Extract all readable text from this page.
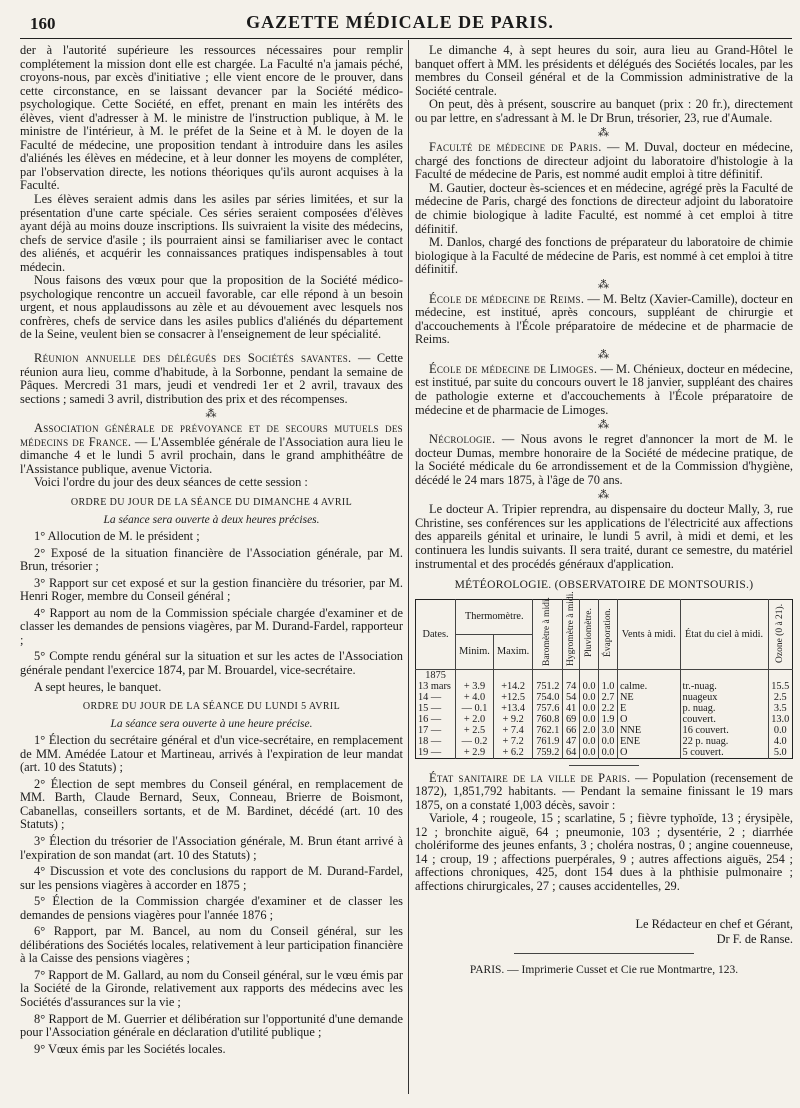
160	GAZETTE MÉDICALE DE PARIS.

der à l'autorité supérieure les ressources nécessaires pour remplir complétement la mission dont elle est chargée. La Faculté n'a jamais péché, croyons-nous, par excès d'initiative ; elle vient encore de le prouver, dans cette circonstance, en se laissant devancer par la Société médico-psychologique. Cette Société, en effet, prenant en main les intérêts des élèves, vient d'adresser à M. le ministre de l'instruction publique, à M. le ministre de l'intérieur, à M. le préfet de la Seine et à M. le doyen de la Faculté de médecine, une proposition tendant à introduire dans les asiles d'aliénés les élèves en médecine, et à leur donner les moyens de compléter, par l'observation directe, les notions théoriques qu'ils auront acquises à la Faculté.

Les élèves seraient admis dans les asiles par séries limitées, et sur la présentation d'une carte spéciale. Ces séries seraient composées d'élèves ayant déjà au moins douze inscriptions. Ils suivraient la visite des médecins, chefs de service d'asile ; ils pourraient ainsi se familiariser avec le contact des aliénés, et acquérir les connaissances pratiques indispensables à tout médecin.

Nous faisons des vœux pour que la proposition de la Société médico-psychologique rencontre un accueil favorable, car elle répond à un besoin urgent, et nous applaudissons au zèle et au dévouement avec lesquels nos confrères, chefs de service dans les asiles publics d'aliénés du département de la Seine, veulent bien se consacrer à l'enseignement de leur spécialité.

Réunion annuelle des délégués des Sociétés savantes. — Cette réunion aura lieu, comme d'habitude, à la Sorbonne, pendant la semaine de Pâques. Mercredi 31 mars, jeudi et vendredi 1er et 2 avril, travaux des sections ; samedi 3 avril, distribution des prix et des récompenses.

⁂

Association générale de prévoyance et de secours mutuels des médecins de France. — L'Assemblée générale de l'Association aura lieu le dimanche 4 et le lundi 5 avril prochain, dans le grand amphithéâtre de l'Assistance publique, avenue Victoria.

Voici l'ordre du jour des deux séances de cette session :

ORDRE DU JOUR DE LA SÉANCE DU DIMANCHE 4 AVRIL
La séance sera ouverte à deux heures précises.

1° Allocution de M. le président ;

2° Exposé de la situation financière de l'Association générale, par M. Brun, trésorier ;

3° Rapport sur cet exposé et sur la gestion financière du trésorier, par M. Henri Roger, membre du Conseil général ;

4° Rapport au nom de la Commission spéciale chargée d'examiner et de classer les demandes de pensions viagères, par M. Durand-Fardel, rapporteur ;

5° Compte rendu général sur la situation et sur les actes de l'Association générale pendant l'exercice 1874, par M. Brouardel, vice-secrétaire.

A sept heures, le banquet.

ORDRE DU JOUR DE LA SÉANCE DU LUNDI 5 AVRIL
La séance sera ouverte à une heure précise.

1° Élection du secrétaire général et d'un vice-secrétaire, en remplacement de MM. Amédée Latour et Martineau, arrivés à l'expiration de leur mandat (art. 10 des Statuts) ;

2° Élection de sept membres du Conseil général, en remplacement de MM. Barth, Claude Bernard, Seux, Conneau, Brierre de Boismont, Cabanellas, conseillers sortants, et de M. Bardinet, décédé (art. 10 des Statuts) ;

3° Élection du trésorier de l'Association générale, M. Brun étant arrivé à l'expiration de son mandat (art. 10 des Statuts) ;

4° Discussion et vote des conclusions du rapport de M. Durand-Fardel, sur les pensions viagères à accorder en 1875 ;

5° Élection de la Commission chargée d'examiner et de classer les demandes de pensions viagères pour l'année 1876 ;

6° Rapport, par M. Bancel, au nom du Conseil général, sur les délibérations des Sociétés locales, relativement à leur participation financière à la Caisse des pensions viagères ;

7° Rapport de M. Gallard, au nom du Conseil général, sur le vœu émis par la Société de la Gironde, relativement aux rapports des médecins avec les Sociétés d'assurances sur la vie ;

8° Rapport de M. Guerrier et délibération sur l'opportunité d'une demande pour l'Association générale en déclaration d'utilité publique ;

9° Vœux émis par les Sociétés locales.

Le dimanche 4, à sept heures du soir, aura lieu au Grand-Hôtel le banquet offert à MM. les présidents et délégués des Sociétés locales, par les membres du Conseil général et de la Commission administrative de la Société centrale.

On peut, dès à présent, souscrire au banquet (prix : 20 fr.), directement ou par lettre, en s'adressant à M. le Dr Brun, trésorier, 23, rue d'Aumale.

⁂

Faculté de médecine de Paris. — M. Duval, docteur en médecine, chargé des fonctions de directeur adjoint du laboratoire d'histologie à la Faculté de médecine de Paris, est nommé audit emploi à titre définitif.

M. Gautier, docteur ès-sciences et en médecine, agrégé près la Faculté de médecine de Paris, chargé des fonctions de directeur adjoint du laboratoire de chimie biologique à ladite Faculté, est nommé à cet emploi à titre définitif.

M. Danlos, chargé des fonctions de préparateur du laboratoire de chimie biologique à la Faculté de médecine de Paris, est nommé à cet emploi à titre définitif.

⁂

École de médecine de Reims. — M. Beltz (Xavier-Camille), docteur en médecine, est institué, après concours, suppléant de chirurgie et d'accouchements à l'École préparatoire de médecine et de pharmacie de Reims.

⁂

École de médecine de Limoges. — M. Chénieux, docteur en médecine, est institué, par suite du concours ouvert le 18 janvier, suppléant des chaires de pathologie externe et d'accouchements à l'École préparatoire de médecine et de pharmacie de Limoges.

⁂

Nécrologie. — Nous avons le regret d'annoncer la mort de M. le docteur Dumas, membre honoraire de la Société de médecine pratique, de la Société médicale du 6e arrondissement et de la Commission d'hygiène, décédé le 24 mars 1875, à l'âge de 70 ans.

⁂

Le docteur A. Tripier reprendra, au dispensaire du docteur Mally, 3, rue Christine, ses conférences sur les applications de l'électricité aux affections des appareils génital et urinaire, le lundi 5 avril, à midi et demi, et les continuera les lundis suivants. Il sera traité, durant ce semestre, du matériel instrumental et des procédés généraux d'application.

MÉTÉOROLOGIE. (OBSERVATOIRE DE MONTSOURIS.)
Dates.	Thermomètre.		Baromètre à midi.	Hygromètre à midi.	Pluviomètre.	Évaporation.	Vents à midi.	État du ciel à midi.	Ozone (0 à 21).
	Minim.	Maxim.							
1875									
13 mars	+ 3.9	+14.2	751.2	74	0.0	1.0	calme.	tr.-nuag.	15.5
14 —	+ 4.0	+12.5	754.0	54	0.0	2.7	NE	nuageux	2.5
15 —	— 0.1	+13.4	757.6	41	0.0	2.2	E	p. nuag.	3.5
16 —	+ 2.0	+ 9.2	760.8	69	0.0	1.9	O	couvert.	13.0
17 —	+ 2.5	+ 7.4	762.1	66	2.0	3.0	NNE	16 couvert.	0.0
18 —	— 0.2	+ 7.2	761.9	47	0.0	0.0	ENE	22 p. nuag.	4.0
19 —	+ 2.9	+ 6.2	759.2	64	0.0	0.0	O	5 couvert.	5.0

État sanitaire de la ville de Paris. — Population (recensement de 1872), 1,851,792 habitants. — Pendant la semaine finissant le 19 mars 1875, on a constaté 1,003 décès, savoir :

Variole, 4 ; rougeole, 15 ; scarlatine, 5 ; fièvre typhoïde, 13 ; érysipèle, 12 ; bronchite aiguë, 64 ; pneumonie, 103 ; dysentérie, 2 ; diarrhée cholériforme des jeunes enfants, 3 ; choléra nostras, 0 ; angine couenneuse, 14 ; croup, 19 ; affections puerpérales, 9 ; autres affections aiguës, 254 ; affections chroniques, 425, dont 154 dues à la phthisie pulmonaire ; affections chirurgicales, 27 ; causes accidentelles, 29.

Le Rédacteur en chef et Gérant,

Dr F. de Ranse.

PARIS. — Imprimerie Cusset et Cie rue Montmartre, 123.
